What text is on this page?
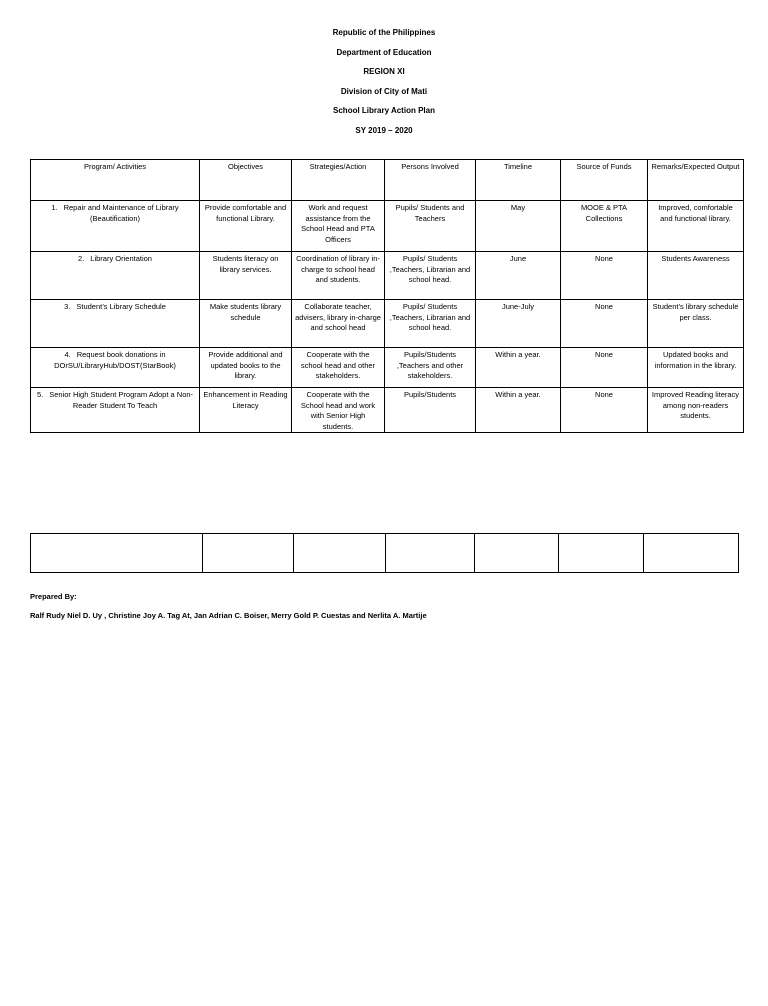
Republic of the Philippines
Department of Education
REGION XI
Division of City of Mati
School Library Action Plan
SY 2019 – 2020
Program/ Activities	Objectives	Strategies/Action	Persons Involved	Timeline	Source of Funds	Remarks/Expected Output
1. Repair and Maintenance of Library (Beautification)	Provide comfortable and functional Library.	Work and request assistance from the School Head and PTA Officers	Pupils/ Students and Teachers	May	MOOE & PTA Collections	Improved, comfortable and functional library.
2. Library Orientation	Students literacy on library services.	Coordination of library in-charge to school head and students.	Pupils/ Students ,Teachers, Librarian and school head.	June	None	Students Awareness
3. Student’s Library Schedule	Make students library schedule	Collaborate teacher, advisers, library in-charge and school head	Pupils/ Students ,Teachers, Librarian and school head.	June-July	None	Student’s library schedule per class.
4. Request book donations in DOrSU/LibraryHub/DOST(StarBook)	Provide additional and updated books to the library.	Cooperate with the school head and other stakeholders.	Pupils/Students ,Teachers and other stakeholders.	Within a year.	None	Updated books and information in the library.
5. Senior High Student Program Adopt a Non- Reader Student To Teach	Enhancement in Reading Literacy	Cooperate with the School head and work with Senior High students.	Pupils/Students	Within a year.	None	Improved Reading literacy among non-readers students.

Prepared By:
Ralf Rudy Niel D. Uy , Christine Joy A. Tag At, Jan Adrian C. Boiser, Merry Gold P. Cuestas and Nerlita A. Martije
